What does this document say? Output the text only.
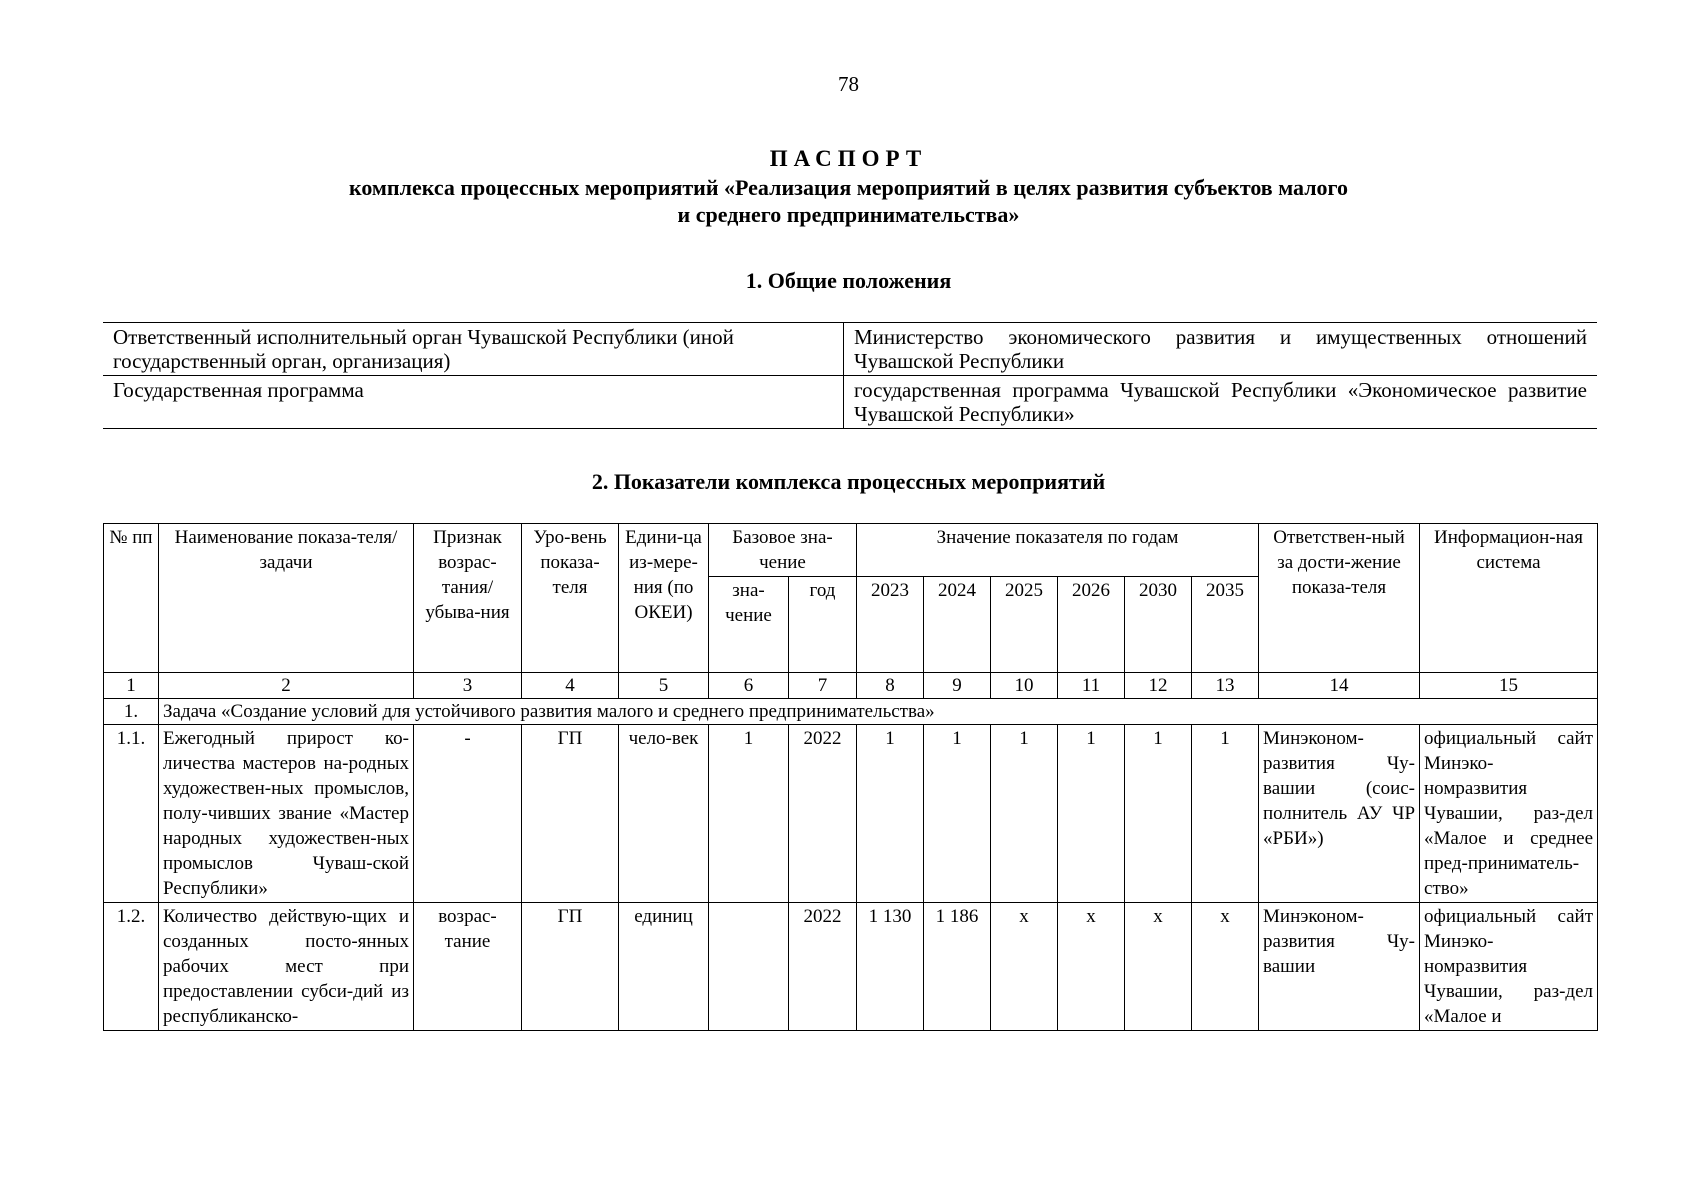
78
ПАСПОРТ
комплекса процессных мероприятий «Реализация мероприятий в целях развития субъектов малого
и среднего предпринимательства»
1. Общие положения
Ответственный исполнительный орган Чувашской Республики (иной государственный орган, организация)	Министерство экономического развития и имущественных отношений Чувашской Республики
Государственная программа	государственная программа Чувашской Республики «Экономическое развитие Чувашской Республики»
2. Показатели комплекса процессных мероприятий
№ пп	Наименование показа-теля/задачи	Признак возрас-тания/ убыва-ния	Уро-вень показа-теля	Едини-ца из-мере-ния (по ОКЕИ)	Базовое зна-чение		Значение показателя по годам						Ответствен-ный за дости-жение показа-теля	Информацион-ная система
					зна-чение	год	2023	2024	2025	2026	2030	2035		
1	2	3	4	5	6	7	8	9	10	11	12	13	14	15
1.	Задача «Создание условий для устойчивого развития малого и среднего предпринимательства»													
1.1.	Ежегодный прирост ко-личества мастеров на-родных художествен-ных промыслов, полу-чивших звание «Мастер народных художествен-ных промыслов Чуваш-ской Республики»	-	ГП	чело-век	1	2022	1	1	1	1	1	1	Минэконом-развития Чу-вашии (соис-полнитель АУ ЧР «РБИ»)	официальный сайт Минэко-номразвития Чувашии, раз-дел «Малое и среднее пред-приниматель-ство»
1.2.	Количество действую-щих и созданных посто-янных рабочих мест при предоставлении субси-дий из республиканско-	возрас-тание	ГП	единиц		2022	1 130	1 186	х	х	х	х	Минэконом-развития Чу-вашии	официальный сайт Минэко-номразвития Чувашии, раз-дел «Малое и
